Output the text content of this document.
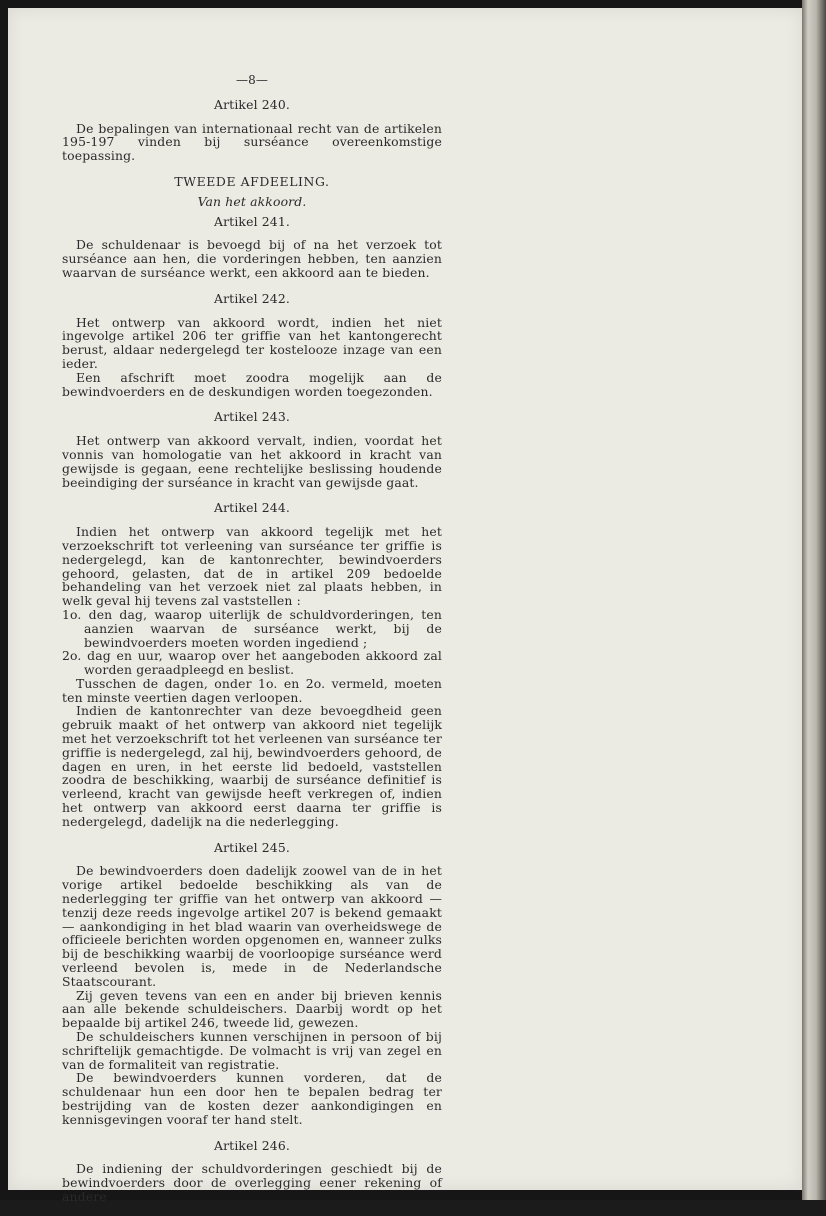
—8—
Artikel 240.

De bepalingen van internationaal recht van de artikelen 195-197 vinden bij surséance overeenkomstige toepassing.

TWEEDE AFDEELING.
Van het akkoord.
Artikel 241.

De schuldenaar is bevoegd bij of na het verzoek tot surséance aan hen, die vorderingen hebben, ten aanzien waarvan de surséance werkt, een akkoord aan te bieden.

Artikel 242.

Het ontwerp van akkoord wordt, indien het niet ingevolge artikel 206 ter griffie van het kantongerecht berust, aldaar nedergelegd ter kostelooze inzage van een ieder.

Een afschrift moet zoodra mogelijk aan de bewindvoerders en de deskundigen worden toegezonden.

Artikel 243.

Het ontwerp van akkoord vervalt, indien, voordat het vonnis van homologatie van het akkoord in kracht van gewijsde is gegaan, eene rechtelijke beslissing houdende beeindiging der surséance in kracht van gewijsde gaat.

Artikel 244.

Indien het ontwerp van akkoord tegelijk met het verzoekschrift tot verleening van surséance ter griffie is nedergelegd, kan de kantonrechter, bewindvoerders gehoord, gelasten, dat de in artikel 209 bedoelde behandeling van het verzoek niet zal plaats hebben, in welk geval hij tevens zal vaststellen :

1o. den dag, waarop uiterlijk de schuldvorderingen, ten aanzien waarvan de surséance werkt, bij de bewindvoerders moeten worden ingediend ;

2o. dag en uur, waarop over het aangeboden akkoord zal worden geraadpleegd en beslist.

Tusschen de dagen, onder 1o. en 2o. vermeld, moeten ten minste veertien dagen verloopen.

Indien de kantonrechter van deze bevoegdheid geen gebruik maakt of het ontwerp van akkoord niet tegelijk met het verzoekschrift tot het verleenen van surséance ter griffie is nedergelegd, zal hij, bewindvoerders gehoord, de dagen en uren, in het eerste lid bedoeld, vaststellen zoodra de beschikking, waarbij de surséance definitief is verleend, kracht van gewijsde heeft verkregen of, indien het ontwerp van akkoord eerst daarna ter griffie is nedergelegd, dadelijk na die nederlegging.

Artikel 245.

De bewindvoerders doen dadelijk zoowel van de in het vorige artikel bedoelde beschikking als van de nederlegging ter griffie van het ontwerp van akkoord — tenzij deze reeds ingevolge artikel 207 is bekend gemaakt — aankondiging in het blad waarin van overheidswege de officieele berichten worden opgenomen en, wanneer zulks bij de beschikking waarbij de voorloopige surséance werd verleend bevolen is, mede in de Nederlandsche Staatscourant.

Zij geven tevens van een en ander bij brieven kennis aan alle bekende schuldeischers. Daarbij wordt op het bepaalde bij artikel 246, tweede lid, gewezen.

De schuldeischers kunnen verschijnen in persoon of bij schriftelijk gemachtigde. De volmacht is vrij van zegel en van de formaliteit van registratie.

De bewindvoerders kunnen vorderen, dat de schuldenaar hun een door hen te bepalen bedrag ter bestrijding van de kosten dezer aankondigingen en kennisgevingen vooraf ter hand stelt.

Artikel 246.

De indiening der schuldvorderingen geschiedt bij de bewindvoerders door de overlegging eener rekening of andere
